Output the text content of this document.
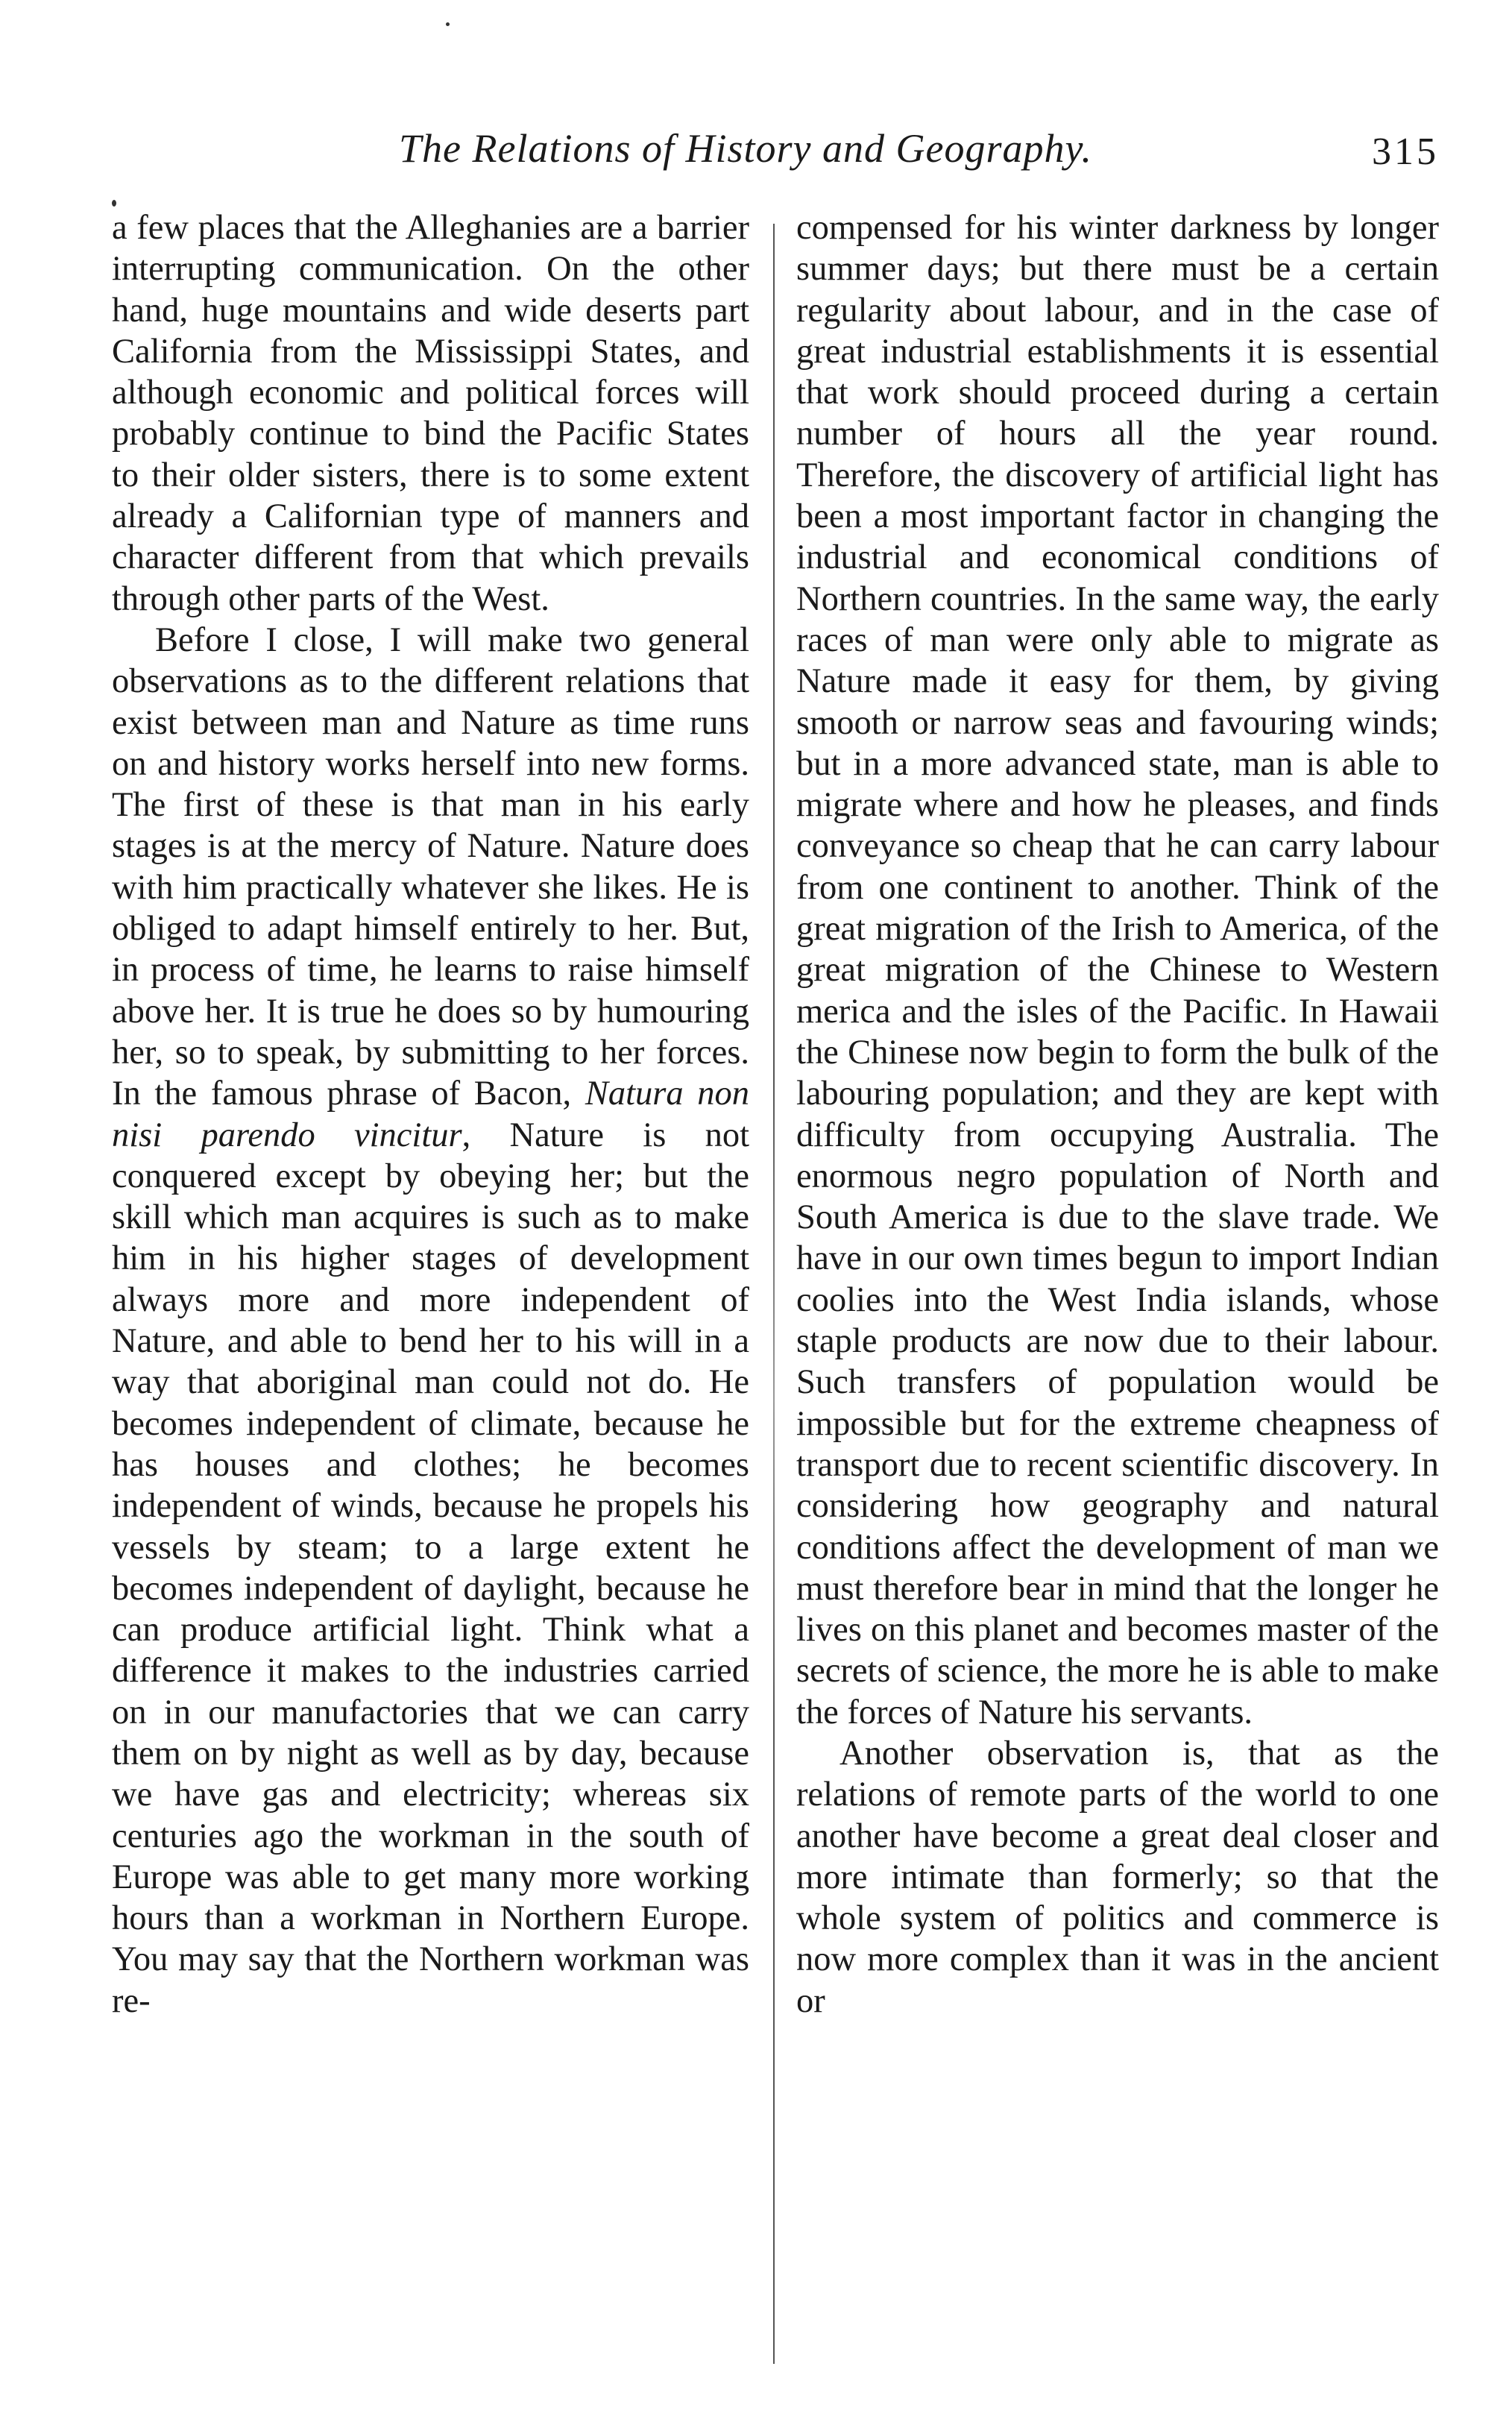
The Relations of History and Geography.	315

a few places that the Alleghanies are a barrier interrupting communication. On the other hand, huge mountains and wide deserts part California from the Mississippi States, and although economic and political forces will probably continue to bind the Pacific States to their older sisters, there is to some extent already a Californian type of manners and character different from that which prevails through other parts of the West.

Before I close, I will make two general observations as to the different relations that exist between man and Nature as time runs on and history works herself into new forms. The first of these is that man in his early stages is at the mercy of Nature. Nature does with him practically whatever she likes. He is obliged to adapt himself entirely to her. But, in process of time, he learns to raise himself above her. It is true he does so by humouring her, so to speak, by submitting to her forces. In the famous phrase of Bacon, Natura non nisi parendo vincitur, Nature is not conquered except by obeying her; but the skill which man acquires is such as to make him in his higher stages of development always more and more independent of Nature, and able to bend her to his will in a way that aboriginal man could not do. He becomes independent of climate, because he has houses and clothes; he becomes independent of winds, because he propels his vessels by steam; to a large extent he becomes independent of daylight, because he can produce artificial light. Think what a difference it makes to the industries carried on in our manufactories that we can carry them on by night as well as by day, because we have gas and electricity; whereas six centuries ago the workman in the south of Europe was able to get many more working hours than a workman in Northern Europe. You may say that the Northern workman was re-

compensed for his winter darkness by longer summer days; but there must be a certain regularity about labour, and in the case of great industrial establishments it is essential that work should proceed during a certain number of hours all the year round. Therefore, the discovery of artificial light has been a most important factor in changing the industrial and economical conditions of Northern countries. In the same way, the early races of man were only able to migrate as Nature made it easy for them, by giving smooth or narrow seas and favouring winds; but in a more advanced state, man is able to migrate where and how he pleases, and finds conveyance so cheap that he can carry labour from one continent to another. Think of the great migration of the Irish to America, of the great migration of the Chinese to Western merica and the isles of the Pacific. In Hawaii the Chinese now begin to form the bulk of the labouring population; and they are kept with difficulty from occupying Australia. The enormous negro population of North and South America is due to the slave trade. We have in our own times begun to import Indian coolies into the West India islands, whose staple products are now due to their labour. Such transfers of population would be impossible but for the extreme cheapness of transport due to recent scientific discovery. In considering how geography and natural conditions affect the development of man we must therefore bear in mind that the longer he lives on this planet and becomes master of the secrets of science, the more he is able to make the forces of Nature his servants.

Another observation is, that as the relations of remote parts of the world to one another have become a great deal closer and more intimate than formerly; so that the whole system of politics and commerce is now more complex than it was in the ancient or
